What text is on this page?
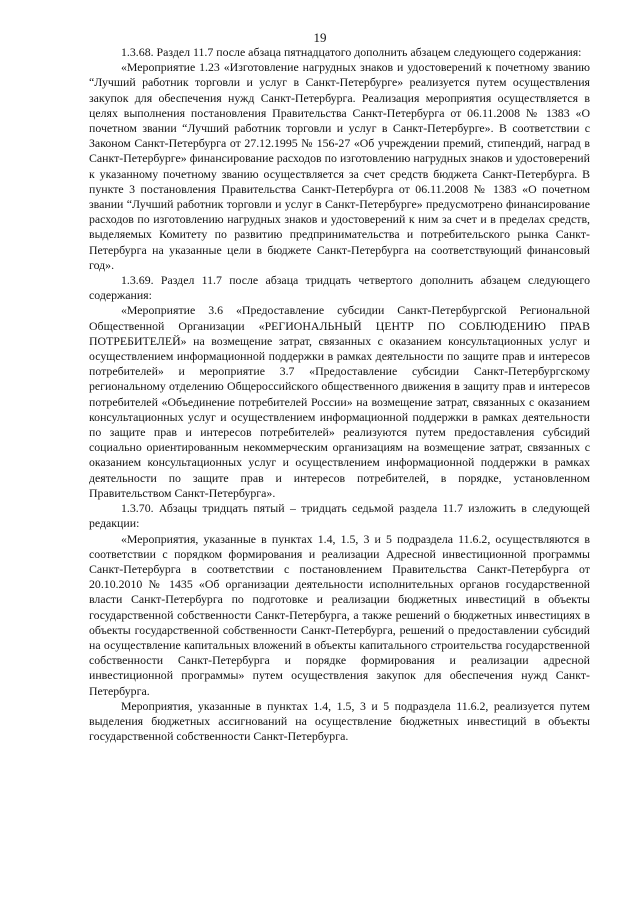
19

1.3.68. Раздел 11.7 после абзаца пятнадцатого дополнить абзацем следующего содержания:

«Мероприятие 1.23 «Изготовление нагрудных знаков и удостоверений к почетному званию “Лучший работник торговли и услуг в Санкт-Петербурге» реализуется путем осуществления закупок для обеспечения нужд Санкт-Петербурга. Реализация мероприятия осуществляется в целях выполнения постановления Правительства Санкт-Петербурга от 06.11.2008 № 1383 «О почетном звании “Лучший работник торговли и услуг в Санкт-Петербурге». В соответствии с Законом Санкт-Петербурга от 27.12.1995 № 156-27 «Об учреждении премий, стипендий, наград в Санкт-Петербурге» финансирование расходов по изготовлению нагрудных знаков и удостоверений к указанному почетному званию осуществляется за счет средств бюджета Санкт-Петербурга. В пункте 3 постановления Правительства Санкт-Петербурга от 06.11.2008 № 1383 «О почетном звании “Лучший работник торговли и услуг в Санкт-Петербурге» предусмотрено финансирование расходов по изготовлению нагрудных знаков и удостоверений к ним за счет и в пределах средств, выделяемых Комитету по развитию предпринимательства и потребительского рынка Санкт-Петербурга на указанные цели в бюджете Санкт-Петербурга на соответствующий финансовый год».

1.3.69. Раздел 11.7 после абзаца тридцать четвертого дополнить абзацем следующего содержания:

«Мероприятие 3.6 «Предоставление субсидии Санкт-Петербургской Региональной Общественной Организации «РЕГИОНАЛЬНЫЙ ЦЕНТР ПО СОБЛЮДЕНИЮ ПРАВ ПОТРЕБИТЕЛЕЙ» на возмещение затрат, связанных с оказанием консультационных услуг и осуществлением информационной поддержки в рамках деятельности по защите прав и интересов потребителей» и мероприятие 3.7 «Предоставление субсидии Санкт-Петербургскому региональному отделению Общероссийского общественного движения в защиту прав и интересов потребителей «Объединение потребителей России» на возмещение затрат, связанных с оказанием консультационных услуг и осуществлением информационной поддержки в рамках деятельности по защите прав и интересов потребителей» реализуются путем предоставления субсидий социально ориентированным некоммерческим организациям на возмещение затрат, связанных с оказанием консультационных услуг и осуществлением информационной поддержки в рамках деятельности по защите прав и интересов потребителей, в порядке, установленном Правительством Санкт-Петербурга».

1.3.70. Абзацы тридцать пятый – тридцать седьмой раздела 11.7 изложить в следующей редакции:

«Мероприятия, указанные в пунктах 1.4, 1.5, 3 и 5 подраздела 11.6.2, осуществляются в соответствии с порядком формирования и реализации Адресной инвестиционной программы Санкт-Петербурга в соответствии с постановлением Правительства Санкт-Петербурга от 20.10.2010 № 1435 «Об организации деятельности исполнительных органов государственной власти Санкт-Петербурга по подготовке и реализации бюджетных инвестиций в объекты государственной собственности Санкт-Петербурга, а также решений о бюджетных инвестициях в объекты государственной собственности Санкт-Петербурга, решений о предоставлении субсидий на осуществление капитальных вложений в объекты капитального строительства государственной собственности Санкт-Петербурга и порядке формирования и реализации адресной инвестиционной программы» путем осуществления закупок для обеспечения нужд Санкт-Петербурга.

Мероприятия, указанные в пунктах 1.4, 1.5, 3 и 5 подраздела 11.6.2, реализуется путем выделения бюджетных ассигнований на осуществление бюджетных инвестиций в объекты государственной собственности Санкт-Петербурга.
